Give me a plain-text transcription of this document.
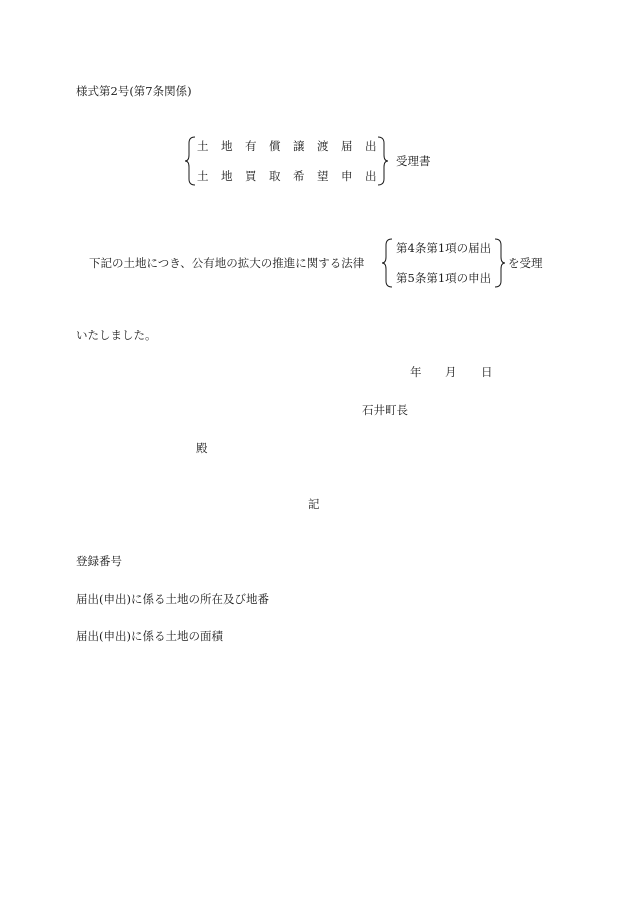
様式第2号(第7条関係)
土 地 有 償 譲 渡 届 出
土 地 買 取 希 望 申 出
受理書
下記の土地につき、公有地の拡大の推進に関する法律
第4条第1項の届出
第5条第1項の申出
を受理
いたしました。
年 月 日
石井町長
殿
記
登録番号
届出(申出)に係る土地の所在及び地番
届出(申出)に係る土地の面積
